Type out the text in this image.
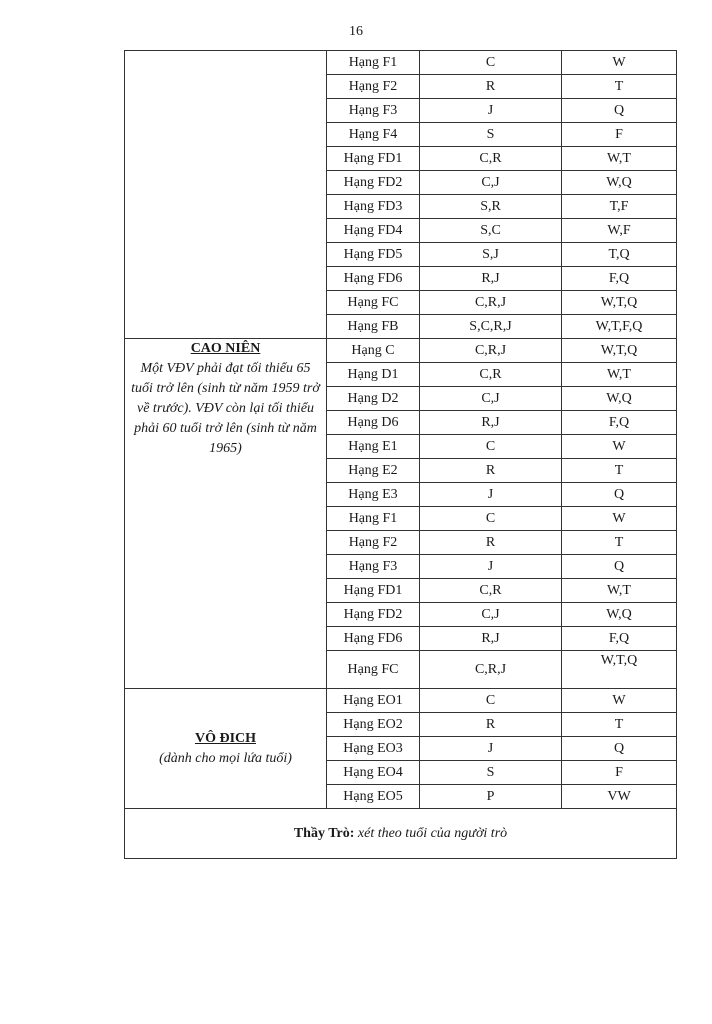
16
	Hạng F1	C	W
	Hạng F2	R	T
	Hạng F3	J	Q
	Hạng F4	S	F
	Hạng FD1	C,R	W,T
	Hạng FD2	C,J	W,Q
	Hạng FD3	S,R	T,F
	Hạng FD4	S,C	W,F
	Hạng FD5	S,J	T,Q
	Hạng FD6	R,J	F,Q
	Hạng FC	C,R,J	W,T,Q
	Hạng FB	S,C,R,J	W,T,F,Q

CAO NIÊN
Một VĐV phải đạt tối thiểu 65 tuổi trở lên (sinh từ năm 1959 trở về trước). VĐV còn lại tối thiểu phải 60 tuổi trở lên (sinh từ năm 1965)	Hạng C	C,R,J	W,T,Q
	Hạng D1	C,R	W,T
	Hạng D2	C,J	W,Q
	Hạng D6	R,J	F,Q
	Hạng E1	C	W
	Hạng E2	R	T
	Hạng E3	J	Q
	Hạng F1	C	W
	Hạng F2	R	T
	Hạng F3	J	Q
	Hạng FD1	C,R	W,T
	Hạng FD2	C,J	W,Q
	Hạng FD6	R,J	F,Q
	Hạng FC	C,R,J	W,T,Q

VÔ ĐICH
(dành cho mọi lứa tuổi)	Hạng EO1	C	W
	Hạng EO2	R	T
	Hạng EO3	J	Q
	Hạng EO4	S	F
	Hạng EO5	P	VW
Thầy Trò: xét theo tuổi của người trò			
